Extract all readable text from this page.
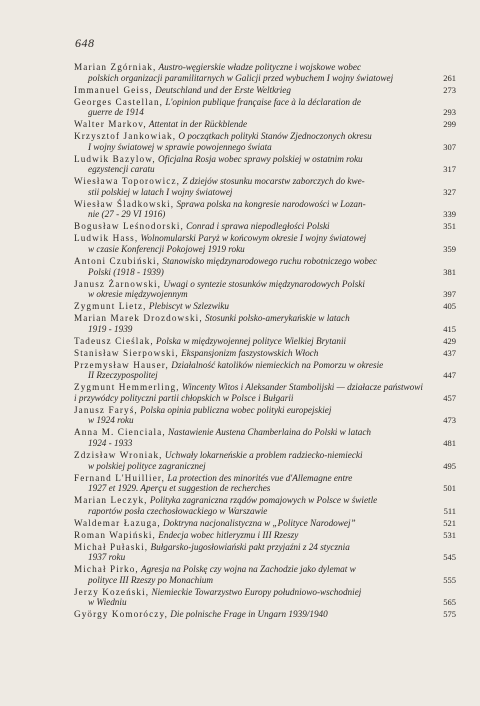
648
Marian Zgórniak, Austro-węgierskie władze polityczne i wojskowe wobec
polskich organizacji paramilitarnych w Galicji przed wybuchem I wojny światowej	261
Immanuel Geiss, Deutschland und der Erste Weltkrieg	273
Georges Castellan, L'opinion publique française face à la déclaration de
guerre de 1914	293
Walter Markov, Attentat in der Rückblende	299
Krzysztof Jankowiak, O początkach polityki Stanów Zjednoczonych okresu
I wojny światowej w sprawie powojennego świata	307
Ludwik Bazylow, Oficjalna Rosja wobec sprawy polskiej w ostatnim roku
egzystencji caratu	317
Wiesława Toporowicz, Z dziejów stosunku mocarstw zaborczych do kwe-
stii polskiej w latach I wojny światowej	327
Wiesław Śladkowski, Sprawa polska na kongresie narodowości w Lozan-
nie (27 - 29 VI 1916)	339
Bogusław Leśnodorski, Conrad i sprawa niepodległości Polski	351
Ludwik Hass, Wolnomularski Paryż w końcowym okresie I wojny światowej
w czasie Konferencji Pokojowej 1919 roku	359
Antoni Czubiński, Stanowisko międzynarodowego ruchu robotniczego wobec
Polski (1918 - 1939)	381
Janusz Żarnowski, Uwagi o syntezie stosunków międzynarodowych Polski
w okresie międzywojennym	397
Zygmunt Lietz, Plebiscyt w Szlezwiku	405
Marian Marek Drozdowski, Stosunki polsko-amerykańskie w latach
1919 - 1939	415
Tadeusz Cieślak, Polska w międzywojennej polityce Wielkiej Brytanii	429
Stanisław Sierpowski, Ekspansjonizm faszystowskich Włoch	437
Przemysław Hauser, Działalność katolików niemieckich na Pomorzu w okresie
II Rzeczypospolitej	447
Zygmunt Hemmerling, Wincenty Witos i Aleksander Stambolijski — działacze państwowi i przywódcy polityczni partii chłopskich w Polsce i Bułgarii	457
Janusz Faryś, Polska opinia publiczna wobec polityki europejskiej
w 1924 roku	473
Anna M. Cienciala, Nastawienie Austena Chamberlaina do Polski w latach
1924 - 1933	481
Zdzisław Wroniak, Uchwały lokarneńskie a problem radziecko-niemiecki
w polskiej polityce zagranicznej	495
Fernand L'Huillier, La protection des minorités vue d'Allemagne entre
1927 et 1929. Aperçu et suggestion de recherches	501
Marian Leczyk, Polityka zagraniczna rządów pomajowych w Polsce w świetle
raportów posła czechosłowackiego w Warszawie	511
Waldemar Łazuga, Doktryna nacjonalistyczna w „Polityce Narodowej”	521
Roman Wapiński, Endecja wobec hitleryzmu i III Rzeszy	531
Michał Pułaski, Bułgarsko-jugosłowiański pakt przyjaźni z 24 stycznia
1937 roku	545
Michał Pirko, Agresja na Polskę czy wojna na Zachodzie jako dylemat w
polityce III Rzeszy po Monachium	555
Jerzy Kozeński, Niemieckie Towarzystwo Europy południowo-wschodniej
w Wiedniu	565
György Komoróczy, Die polnische Frage in Ungarn 1939/1940	575
